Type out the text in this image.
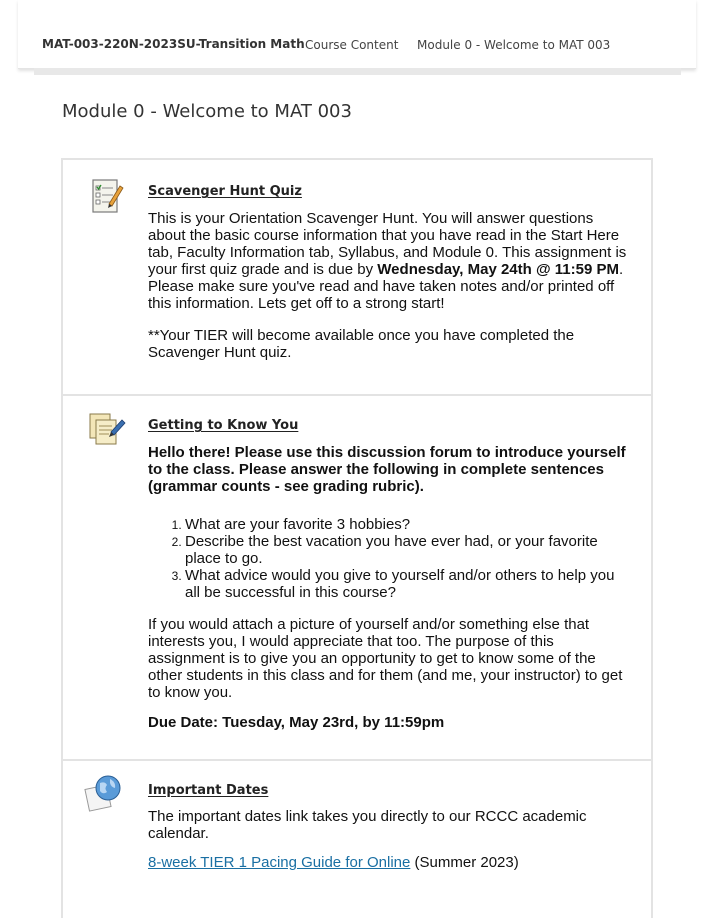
MAT-003-220N-2023SU-Transition Math Course Content Module 0 - Welcome to MAT 003
Module 0 - Welcome to MAT 003
Scavenger Hunt Quiz

This is your Orientation Scavenger Hunt. You will answer questions about the basic course information that you have read in the Start Here tab, Faculty Information tab, Syllabus, and Module 0. This assignment is your first quiz grade and is due by Wednesday, May 24th @ 11:59 PM. Please make sure you've read and have taken notes and/or printed off this information. Lets get off to a strong start!

**Your TIER will become available once you have completed the Scavenger Hunt quiz.

Getting to Know You

Hello there! Please use this discussion forum to introduce yourself to the class. Please answer the following in complete sentences (grammar counts - see grading rubric).

1. What are your favorite 3 hobbies?
2. Describe the best vacation you have ever had, or your favorite place to go.
3. What advice would you give to yourself and/or others to help you all be successful in this course?

If you would attach a picture of yourself and/or something else that interests you, I would appreciate that too. The purpose of this assignment is to give you an opportunity to get to know some of the other students in this class and for them (and me, your instructor) to get to know you.

Due Date: Tuesday, May 23rd, by 11:59pm

Important Dates

The important dates link takes you directly to our RCCC academic calendar.

8-week TIER 1 Pacing Guide for Online (Summer 2023)
